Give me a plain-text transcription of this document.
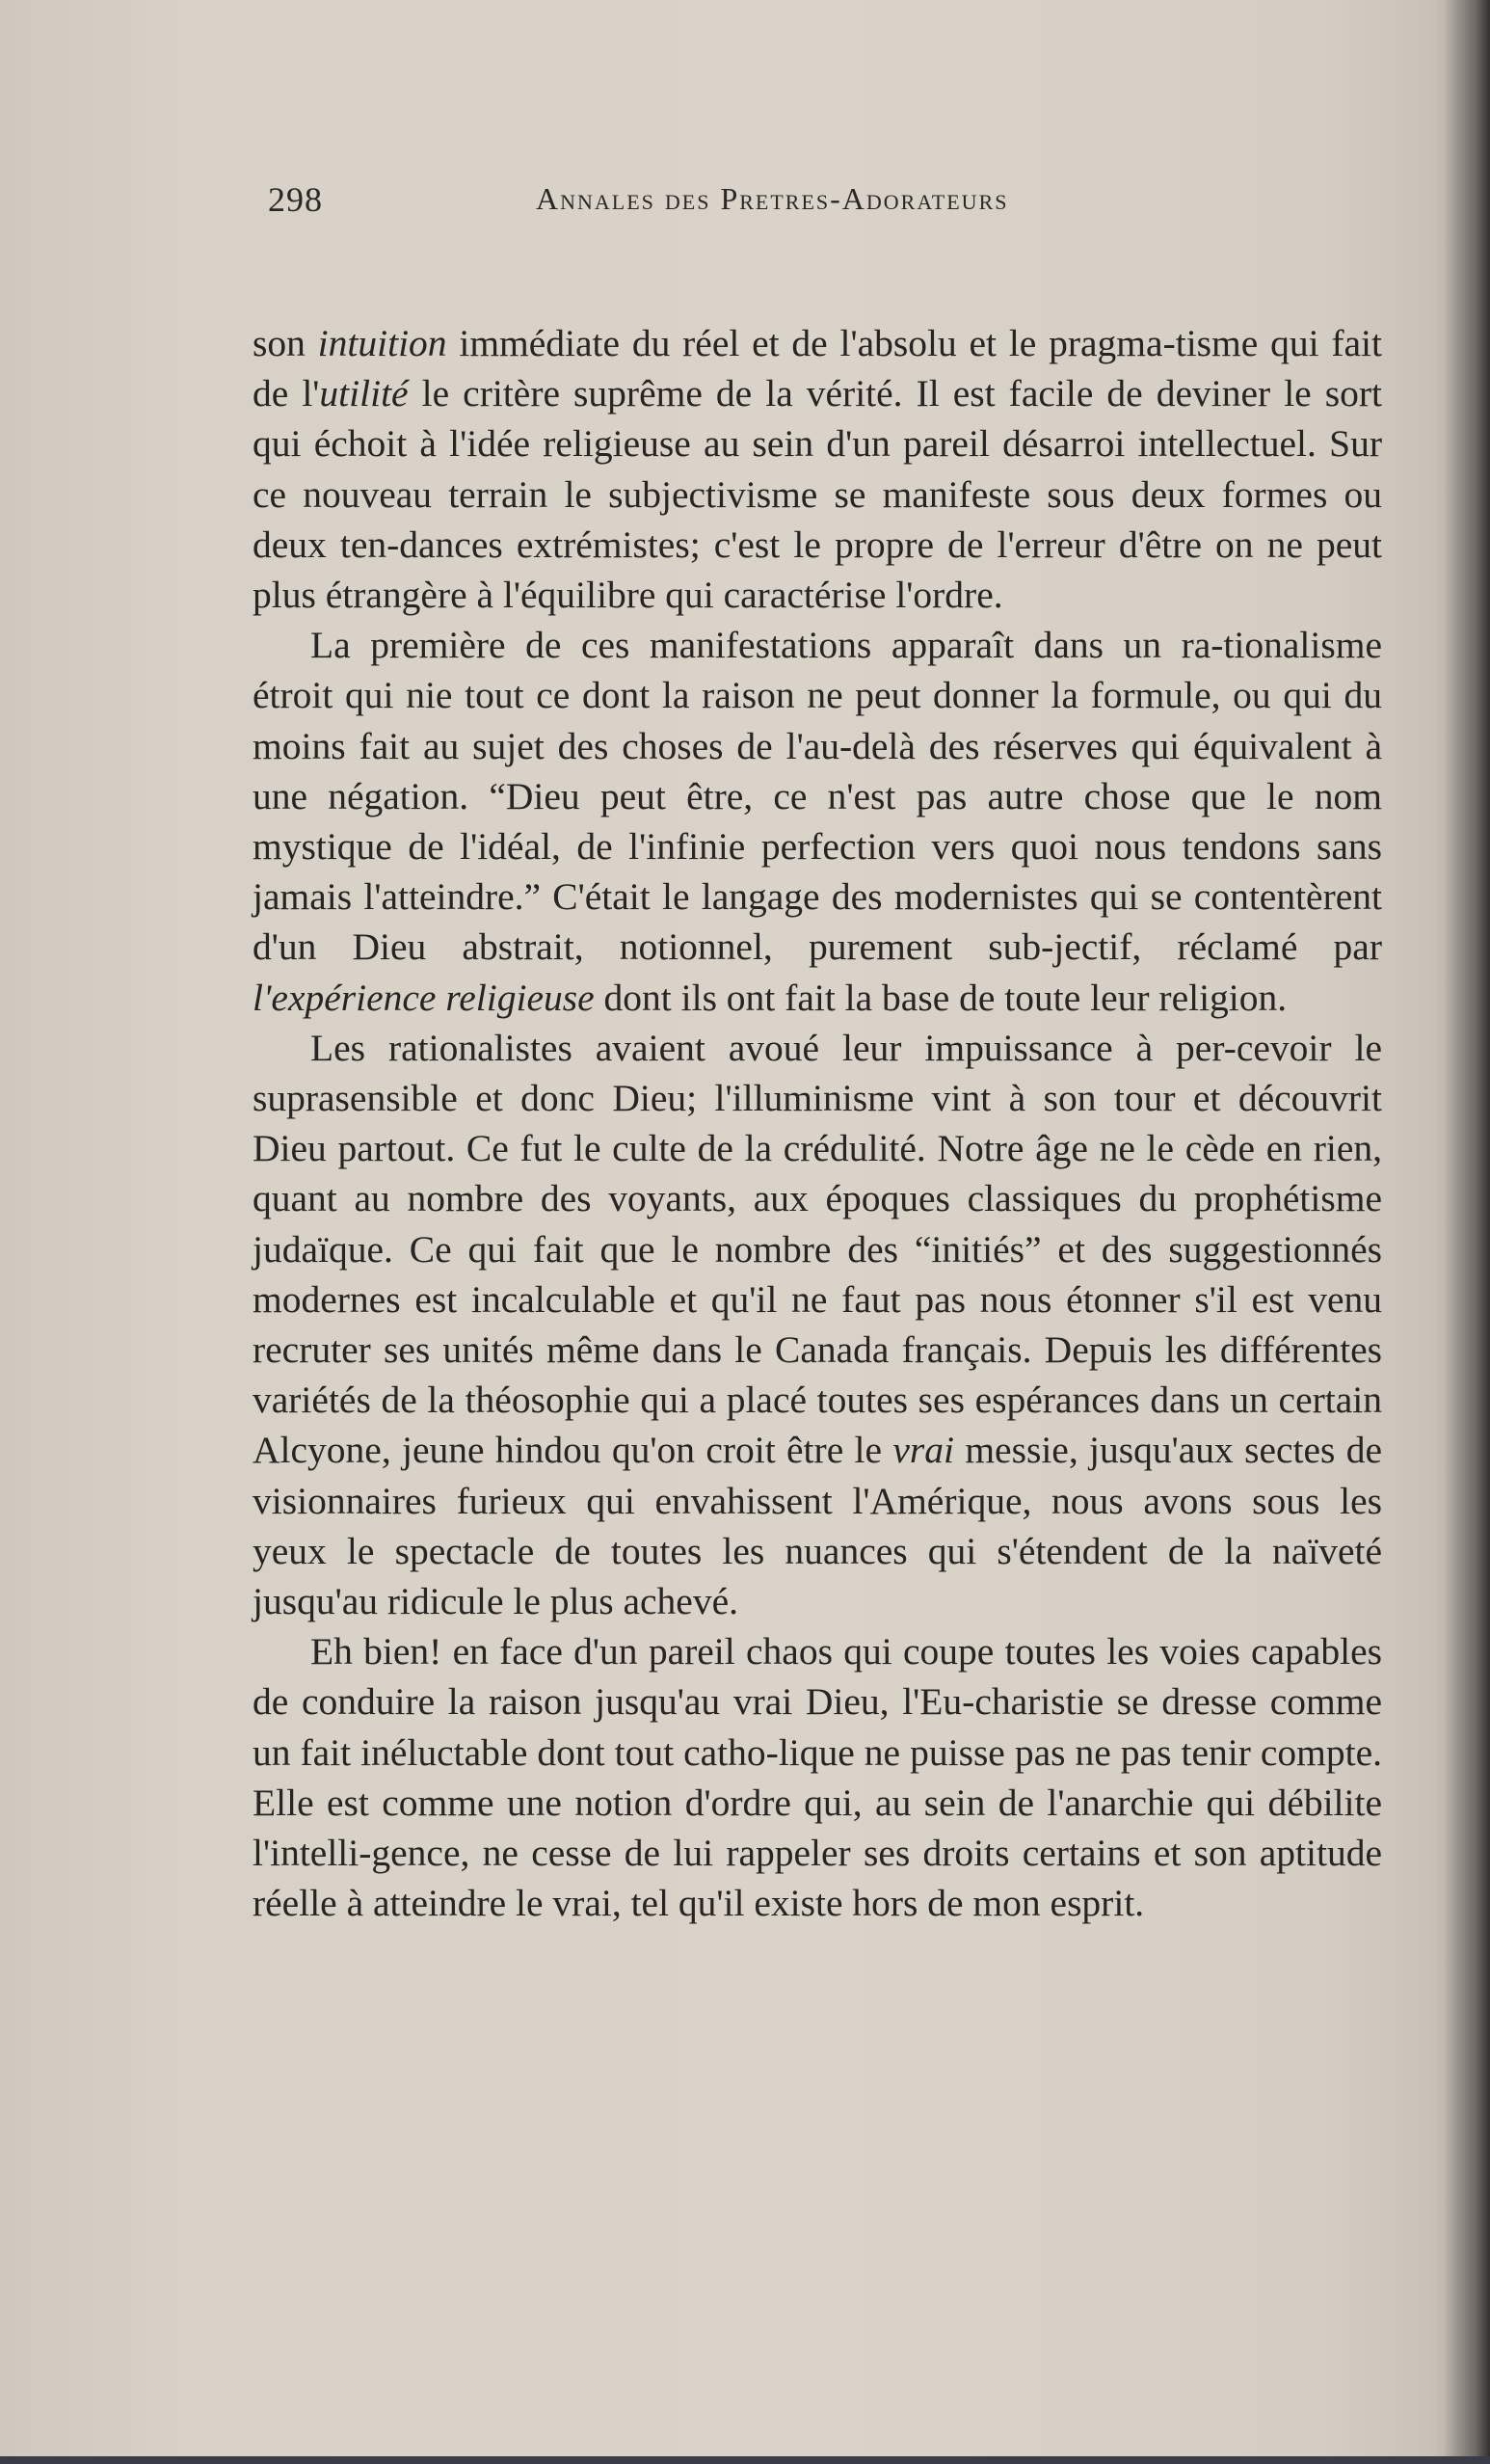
298	Annales des Pretres-Adorateurs

son intuition immédiate du réel et de l'absolu et le pragma-tisme qui fait de l'utilité le critère suprême de la vérité. Il est facile de deviner le sort qui échoit à l'idée religieuse au sein d'un pareil désarroi intellectuel. Sur ce nouveau terrain le subjectivisme se manifeste sous deux formes ou deux ten-dances extrémistes; c'est le propre de l'erreur d'être on ne peut plus étrangère à l'équilibre qui caractérise l'ordre.

La première de ces manifestations apparaît dans un ra-tionalisme étroit qui nie tout ce dont la raison ne peut donner la formule, ou qui du moins fait au sujet des choses de l'au-delà des réserves qui équivalent à une négation. “Dieu peut être, ce n'est pas autre chose que le nom mystique de l'idéal, de l'infinie perfection vers quoi nous tendons sans jamais l'atteindre.” C'était le langage des modernistes qui se contentèrent d'un Dieu abstrait, notionnel, purement sub-jectif, réclamé par l'expérience religieuse dont ils ont fait la base de toute leur religion.

Les rationalistes avaient avoué leur impuissance à per-cevoir le suprasensible et donc Dieu; l'illuminisme vint à son tour et découvrit Dieu partout. Ce fut le culte de la crédulité. Notre âge ne le cède en rien, quant au nombre des voyants, aux époques classiques du prophétisme judaïque. Ce qui fait que le nombre des “initiés” et des suggestionnés modernes est incalculable et qu'il ne faut pas nous étonner s'il est venu recruter ses unités même dans le Canada français. Depuis les différentes variétés de la théosophie qui a placé toutes ses espérances dans un certain Alcyone, jeune hindou qu'on croit être le vrai messie, jusqu'aux sectes de visionnaires furieux qui envahissent l'Amérique, nous avons sous les yeux le spectacle de toutes les nuances qui s'étendent de la naïveté jusqu'au ridicule le plus achevé.

Eh bien! en face d'un pareil chaos qui coupe toutes les voies capables de conduire la raison jusqu'au vrai Dieu, l'Eu-charistie se dresse comme un fait inéluctable dont tout catho-lique ne puisse pas ne pas tenir compte. Elle est comme une notion d'ordre qui, au sein de l'anarchie qui débilite l'intelli-gence, ne cesse de lui rappeler ses droits certains et son aptitude réelle à atteindre le vrai, tel qu'il existe hors de mon esprit.
